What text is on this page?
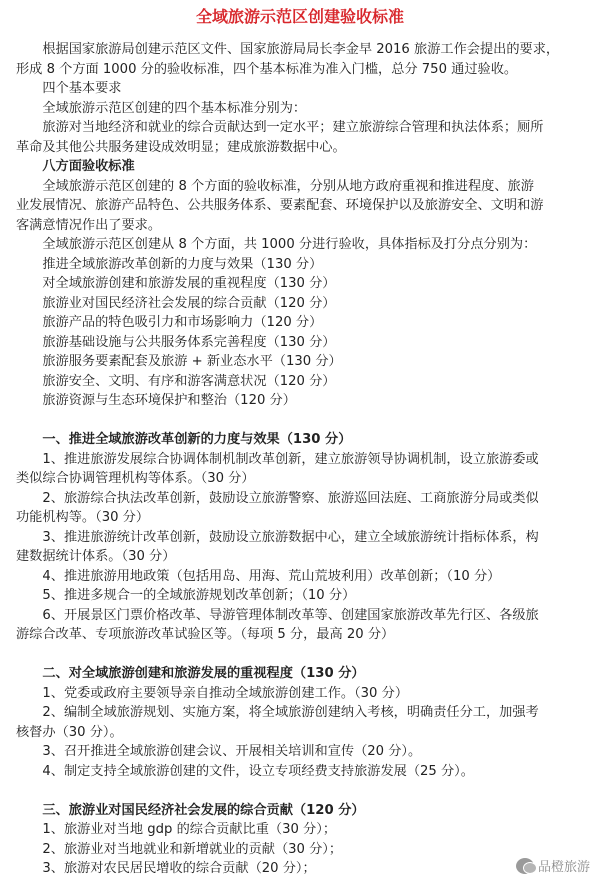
全域旅游示范区创建验收标准
　　根据国家旅游局创建示范区文件、国家旅游局局长李金早 2016 旅游工作会提出的要求，
形成 8 个方面 1000 分的验收标准，四个基本标准为准入门槛，总分 750 通过验收。
　　四个基本要求
　　全域旅游示范区创建的四个基本标准分别为：
　　旅游对当地经济和就业的综合贡献达到一定水平；建立旅游综合管理和执法体系；厕所
革命及其他公共服务建设成效明显；建成旅游数据中心。
　　八方面验收标准
　　全域旅游示范区创建的 8 个方面的验收标准，分别从地方政府重视和推进程度、旅游
业发展情况、旅游产品特色、公共服务体系、要素配套、环境保护以及旅游安全、文明和游
客满意情况作出了要求。
　　全域旅游示范区创建从 8 个方面，共 1000 分进行验收，具体指标及打分点分别为：
　　推进全域旅游改革创新的力度与效果（130 分）
　　对全域旅游创建和旅游发展的重视程度（130 分）
　　旅游业对国民经济社会发展的综合贡献（120 分）
　　旅游产品的特色吸引力和市场影响力（120 分）
　　旅游基础设施与公共服务体系完善程度（130 分）
　　旅游服务要素配套及旅游 + 新业态水平（130 分）
　　旅游安全、文明、有序和游客满意状况（120 分）
　　旅游资源与生态环境保护和整治（120 分）
　　一、推进全域旅游改革创新的力度与效果（130 分）
　　1、推进旅游发展综合协调体制机制改革创新，建立旅游领导协调机制，设立旅游委或
类似综合协调管理机构等体系。（30 分）
　　2、旅游综合执法改革创新，鼓励设立旅游警察、旅游巡回法庭、工商旅游分局或类似
功能机构等。（30 分）
　　3、推进旅游统计改革创新，鼓励设立旅游数据中心，建立全域旅游统计指标体系，构
建数据统计体系。（30 分）
　　4、推进旅游用地政策（包括用岛、用海、荒山荒坡利用）改革创新；（10 分）
　　5、推进多规合一的全域旅游规划改革创新；（10 分）
　　6、开展景区门票价格改革、导游管理体制改革等、创建国家旅游改革先行区、各级旅
游综合改革、专项旅游改革试验区等。（每项 5 分，最高 20 分）
　　二、对全域旅游创建和旅游发展的重视程度（130 分）
　　1、党委或政府主要领导亲自推动全域旅游创建工作。（30 分）
　　2、编制全域旅游规划、实施方案，将全域旅游创建纳入考核，明确责任分工，加强考
核督办（30 分）。
　　3、召开推进全域旅游创建会议、开展相关培训和宣传（20 分）。
　　4、制定支持全域旅游创建的文件，设立专项经费支持旅游发展（25 分）。
　　三、旅游业对国民经济社会发展的综合贡献（120 分）
　　1、旅游业对当地 gdp 的综合贡献比重（30 分）；
　　2、旅游业对当地就业和新增就业的贡献（30 分）；
　　3、旅游对农民居民增收的综合贡献（20 分）；	品橙旅游
